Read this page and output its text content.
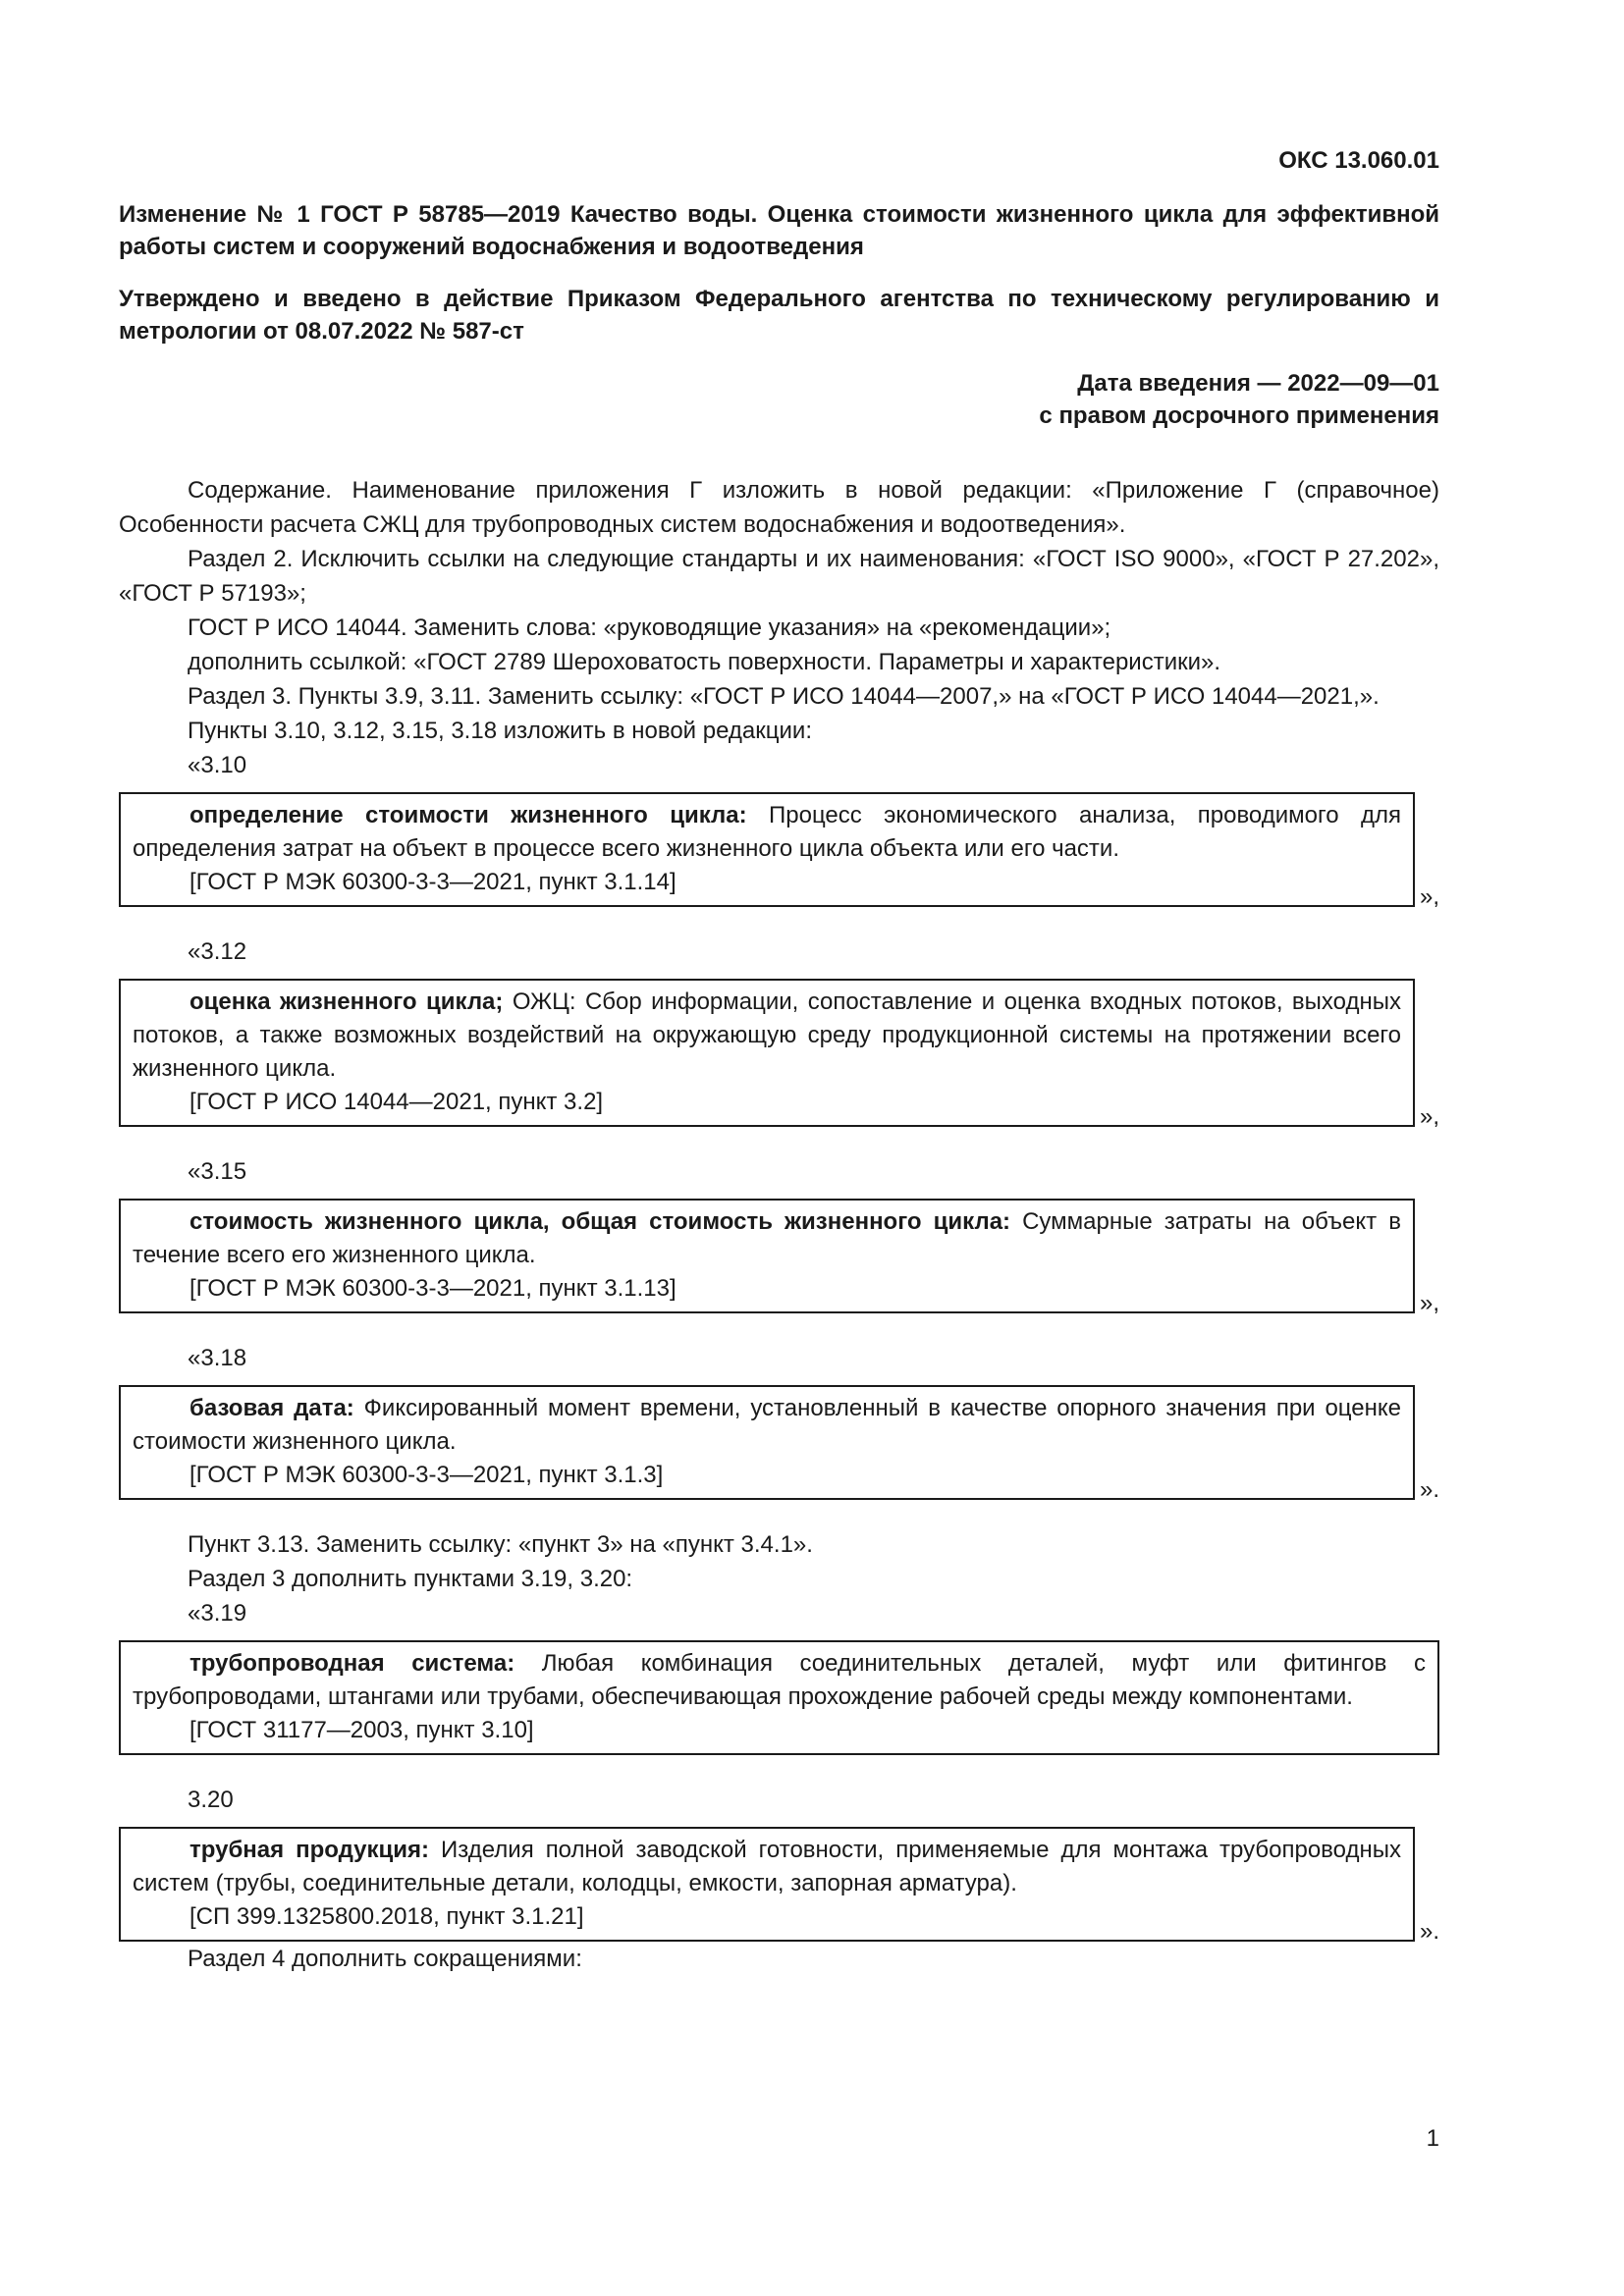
ОКС 13.060.01
Изменение № 1 ГОСТ Р 58785—2019 Качество воды. Оценка стоимости жизненного цикла для эффективной работы систем и сооружений водоснабжения и водоотведения
Утверждено и введено в действие Приказом Федерального агентства по техническому регулированию и метрологии от 08.07.2022 № 587-ст
Дата введения — 2022—09—01
с правом досрочного применения
Содержание. Наименование приложения Г изложить в новой редакции: «Приложение Г (справочное) Особенности расчета СЖЦ для трубопроводных систем водоснабжения и водоотведения».
Раздел 2. Исключить ссылки на следующие стандарты и их наименования: «ГОСТ ISO 9000», «ГОСТ Р 27.202», «ГОСТ Р 57193»;
ГОСТ Р ИСО 14044. Заменить слова: «руководящие указания» на «рекомендации»;
дополнить ссылкой: «ГОСТ 2789 Шероховатость поверхности. Параметры и характеристики».
Раздел 3. Пункты 3.9, 3.11. Заменить ссылку: «ГОСТ Р ИСО 14044—2007,» на «ГОСТ Р ИСО 14044—2021,».
Пункты 3.10, 3.12, 3.15, 3.18 изложить в новой редакции:
«3.10
определение стоимости жизненного цикла: Процесс экономического анализа, проводимого для определения затрат на объект в процессе всего жизненного цикла объекта или его части.
[ГОСТ Р МЭК 60300-3-3—2021, пункт 3.1.14]
»,
«3.12
оценка жизненного цикла; ОЖЦ: Сбор информации, сопоставление и оценка входных потоков, выходных потоков, а также возможных воздействий на окружающую среду продукционной системы на протяжении всего жизненного цикла.
[ГОСТ Р ИСО 14044—2021, пункт 3.2]
»,
«3.15
стоимость жизненного цикла, общая стоимость жизненного цикла: Суммарные затраты на объект в течение всего его жизненного цикла.
[ГОСТ Р МЭК 60300-3-3—2021, пункт 3.1.13]
»,
«3.18
базовая дата: Фиксированный момент времени, установленный в качестве опорного значения при оценке стоимости жизненного цикла.
[ГОСТ Р МЭК 60300-3-3—2021, пункт 3.1.3]
».
Пункт 3.13. Заменить ссылку: «пункт 3» на «пункт 3.4.1».
Раздел 3 дополнить пунктами 3.19, 3.20:
«3.19
трубопроводная система: Любая комбинация соединительных деталей, муфт или фитингов с трубопроводами, штангами или трубами, обеспечивающая прохождение рабочей среды между компонентами.
[ГОСТ 31177—2003, пункт 3.10]
3.20
трубная продукция: Изделия полной заводской готовности, применяемые для монтажа трубопроводных систем (трубы, соединительные детали, колодцы, емкости, запорная арматура).
[СП 399.1325800.2018, пункт 3.1.21]
».
Раздел 4 дополнить сокращениями:
1
